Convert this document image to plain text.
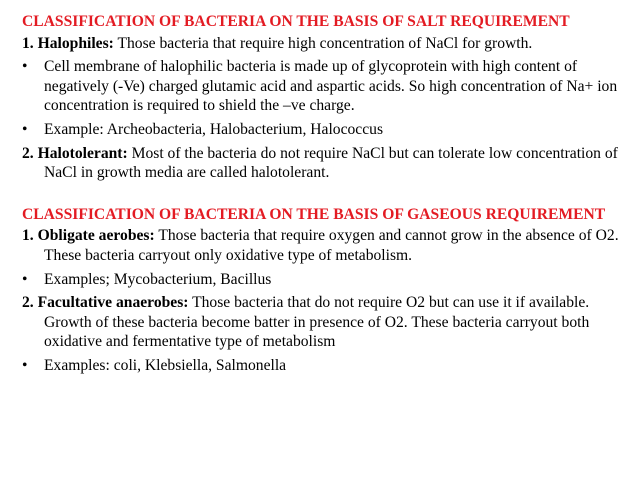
CLASSIFICATION OF BACTERIA ON THE BASIS OF SALT REQUIREMENT
1. Halophiles: Those bacteria that require high concentration of NaCl for growth.
• Cell membrane of halophilic bacteria is made up of glycoprotein with high content of negatively (-Ve) charged glutamic acid and aspartic acids. So high concentration of Na+ ion concentration is required to shield the –ve charge.
• Example: Archeobacteria, Halobacterium, Halococcus
2. Halotolerant: Most of the bacteria do not require NaCl but can tolerate low concentration of NaCl in growth media are called halotolerant.
CLASSIFICATION OF BACTERIA ON THE BASIS OF GASEOUS REQUIREMENT
1. Obligate aerobes: Those bacteria that require oxygen and cannot grow in the absence of O2. These bacteria carryout only oxidative type of metabolism.
• Examples; Mycobacterium, Bacillus
2. Facultative anaerobes: Those bacteria that do not require O2 but can use it if available. Growth of these bacteria become batter in presence of O2. These bacteria carryout both oxidative and fermentative type of metabolism
• Examples: coli, Klebsiella, Salmonella
